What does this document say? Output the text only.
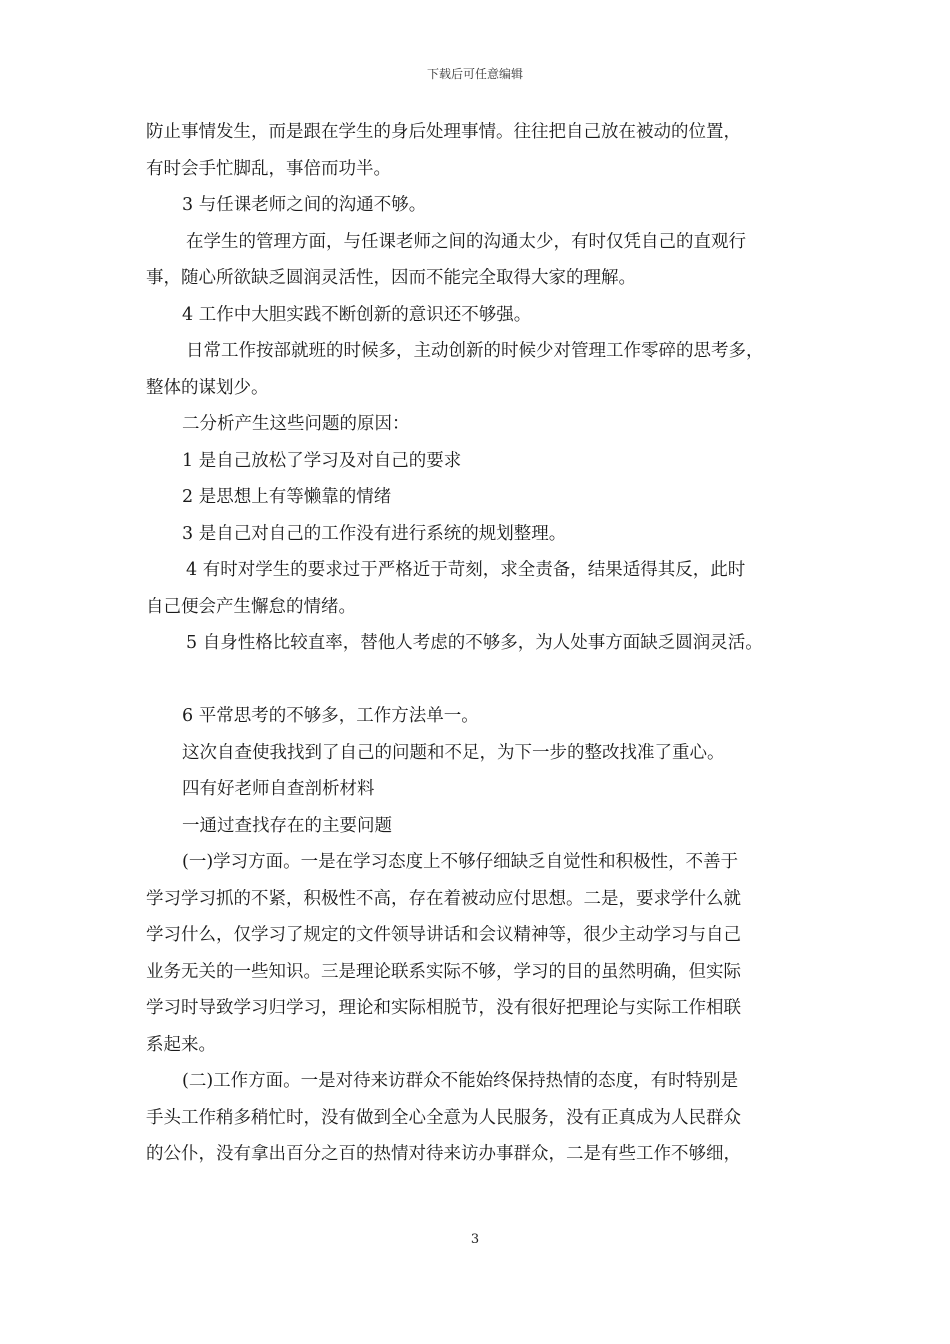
下载后可任意编辑

防止事情发生，而是跟在学生的身后处理事情。往往把自己放在被动的位置，

有时会手忙脚乱，事倍而功半。

3 与任课老师之间的沟通不够。

在学生的管理方面，与任课老师之间的沟通太少，有时仅凭自己的直观行

事，随心所欲缺乏圆润灵活性，因而不能完全取得大家的理解。

4 工作中大胆实践不断创新的意识还不够强。

日常工作按部就班的时候多，主动创新的时候少对管理工作零碎的思考多，

整体的谋划少。

二分析产生这些问题的原因：

1 是自己放松了学习及对自己的要求

2 是思想上有等懒靠的情绪

3 是自己对自己的工作没有进行系统的规划整理。

4 有时对学生的要求过于严格近于苛刻，求全责备，结果适得其反，此时

自己便会产生懈怠的情绪。

5 自身性格比较直率，替他人考虑的不够多，为人处事方面缺乏圆润灵活。

6 平常思考的不够多，工作方法单一。

这次自查使我找到了自己的问题和不足，为下一步的整改找准了重心。

四有好老师自查剖析材料

一通过查找存在的主要问题

(一)学习方面。一是在学习态度上不够仔细缺乏自觉性和积极性，不善于

学习学习抓的不紧，积极性不高，存在着被动应付思想。二是，要求学什么就

学习什么，仅学习了规定的文件领导讲话和会议精神等，很少主动学习与自己

业务无关的一些知识。三是理论联系实际不够，学习的目的虽然明确，但实际

学习时导致学习归学习，理论和实际相脱节，没有很好把理论与实际工作相联

系起来。

(二)工作方面。一是对待来访群众不能始终保持热情的态度，有时特别是

手头工作稍多稍忙时，没有做到全心全意为人民服务，没有正真成为人民群众

的公仆，没有拿出百分之百的热情对待来访办事群众，二是有些工作不够细，

3
